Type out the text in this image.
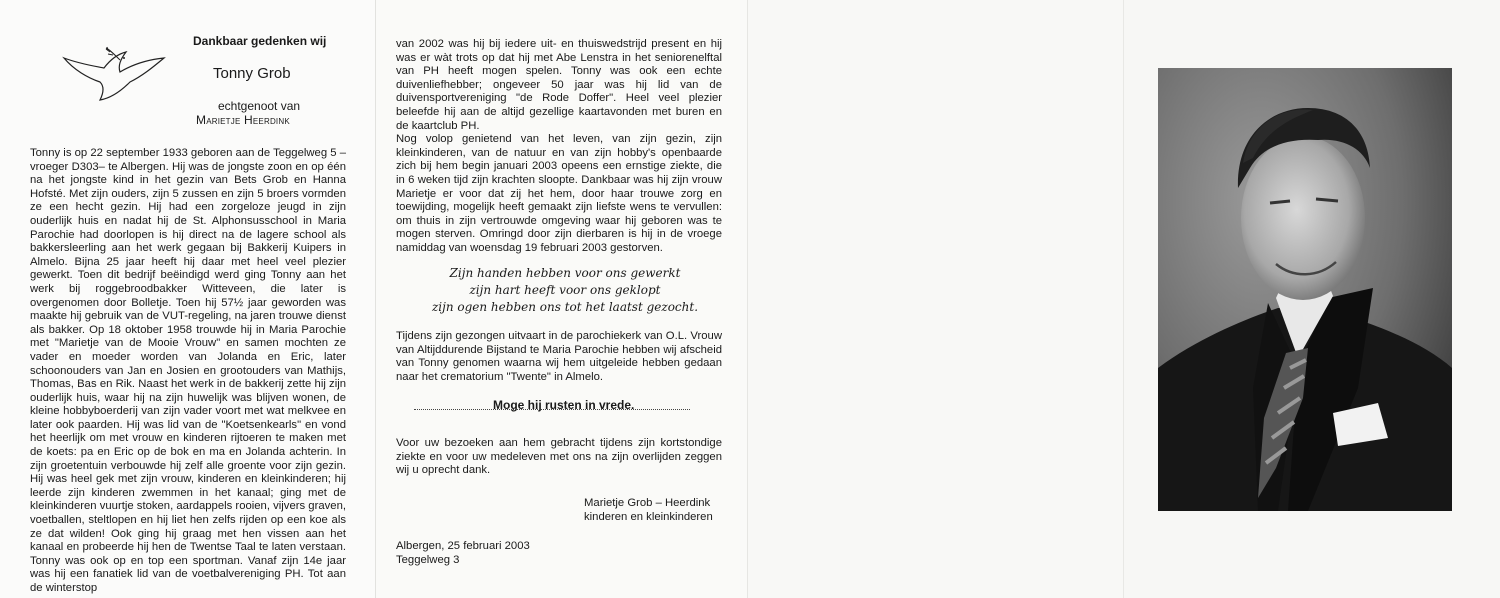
Dankbaar gedenken wij
Tonny Grob
echtgenoot van
Marietje Heerdink

Tonny is op 22 september 1933 geboren aan de Teggelweg 5 –vroeger D303– te Albergen. Hij was de jongste zoon en op één na het jongste kind in het gezin van Bets Grob en Hanna Hofsté. Met zijn ouders, zijn 5 zussen en zijn 5 broers vormden ze een hecht gezin. Hij had een zorgeloze jeugd in zijn ouderlijk huis en nadat hij de St. Alphonsusschool in Maria Parochie had doorlopen is hij direct na de lagere school als bakkersleerling aan het werk gegaan bij Bakkerij Kuipers in Almelo. Bijna 25 jaar heeft hij daar met heel veel plezier gewerkt. Toen dit bedrijf beëindigd werd ging Tonny aan het werk bij roggebroodbakker Witteveen, die later is overgenomen door Bolletje. Toen hij 57½ jaar geworden was maakte hij gebruik van de VUT-regeling, na jaren trouwe dienst als bakker. Op 18 oktober 1958 trouwde hij in Maria Parochie met "Marietje van de Mooie Vrouw" en samen mochten ze vader en moeder worden van Jolanda en Eric, later schoonouders van Jan en Josien en grootouders van Mathijs, Thomas, Bas en Rik. Naast het werk in de bakkerij zette hij zijn ouderlijk huis, waar hij na zijn huwelijk was blijven wonen, de kleine hobbyboerderij van zijn vader voort met wat melkvee en later ook paarden. Hij was lid van de "Koetsenkearls" en vond het heerlijk om met vrouw en kinderen rijtoeren te maken met de koets: pa en Eric op de bok en ma en Jolanda achterin. In zijn groetentuin verbouwde hij zelf alle groente voor zijn gezin. Hij was heel gek met zijn vrouw, kinderen en kleinkinderen; hij leerde zijn kinderen zwemmen in het kanaal; ging met de kleinkinderen vuurtje stoken, aardappels rooien, vijvers graven, voetballen, steltlopen en hij liet hen zelfs rijden op een koe als ze dat wilden! Ook ging hij graag met hen vissen aan het kanaal en probeerde hij hen de Twentse Taal te laten verstaan. Tonny was ook op en top een sportman. Vanaf zijn 14e jaar was hij een fanatiek lid van de voetbalvereniging PH. Tot aan de winterstop

van 2002 was hij bij iedere uit- en thuiswedstrijd present en hij was er wàt trots op dat hij met Abe Lenstra in het seniorenelftal van PH heeft mogen spelen. Tonny was ook een echte duivenliefhebber; ongeveer 50 jaar was hij lid van de duivensportvereniging "de Rode Doffer". Heel veel plezier beleefde hij aan de altijd gezellige kaartavonden met buren en de kaartclub PH.
Nog volop genietend van het leven, van zijn gezin, zijn kleinkinderen, van de natuur en van zijn hobby's openbaarde zich bij hem begin januari 2003 opeens een ernstige ziekte, die in 6 weken tijd zijn krachten sloopte. Dankbaar was hij zijn vrouw Marietje er voor dat zij het hem, door haar trouwe zorg en toewijding, mogelijk heeft gemaakt zijn liefste wens te vervullen: om thuis in zijn vertrouwde omgeving waar hij geboren was te mogen sterven. Omringd door zijn dierbaren is hij in de vroege namiddag van woensdag 19 februari 2003 gestorven.

Zijn handen hebben voor ons gewerkt
zijn hart heeft voor ons geklopt
zijn ogen hebben ons tot het laatst gezocht.

Tijdens zijn gezongen uitvaart in de parochiekerk van O.L. Vrouw van Altijddurende Bijstand te Maria Parochie hebben wij afscheid van Tonny genomen waarna wij hem uitgeleide hebben gedaan naar het crematorium "Twente" in Almelo.

Moge hij rusten in vrede.

Voor uw bezoeken aan hem gebracht tijdens zijn kortstondige ziekte en voor uw medeleven met ons na zijn overlijden zeggen wij u oprecht dank.

Marietje Grob – Heerdink
kinderen en kleinkinderen
Albergen, 25 februari 2003
Teggelweg 3
